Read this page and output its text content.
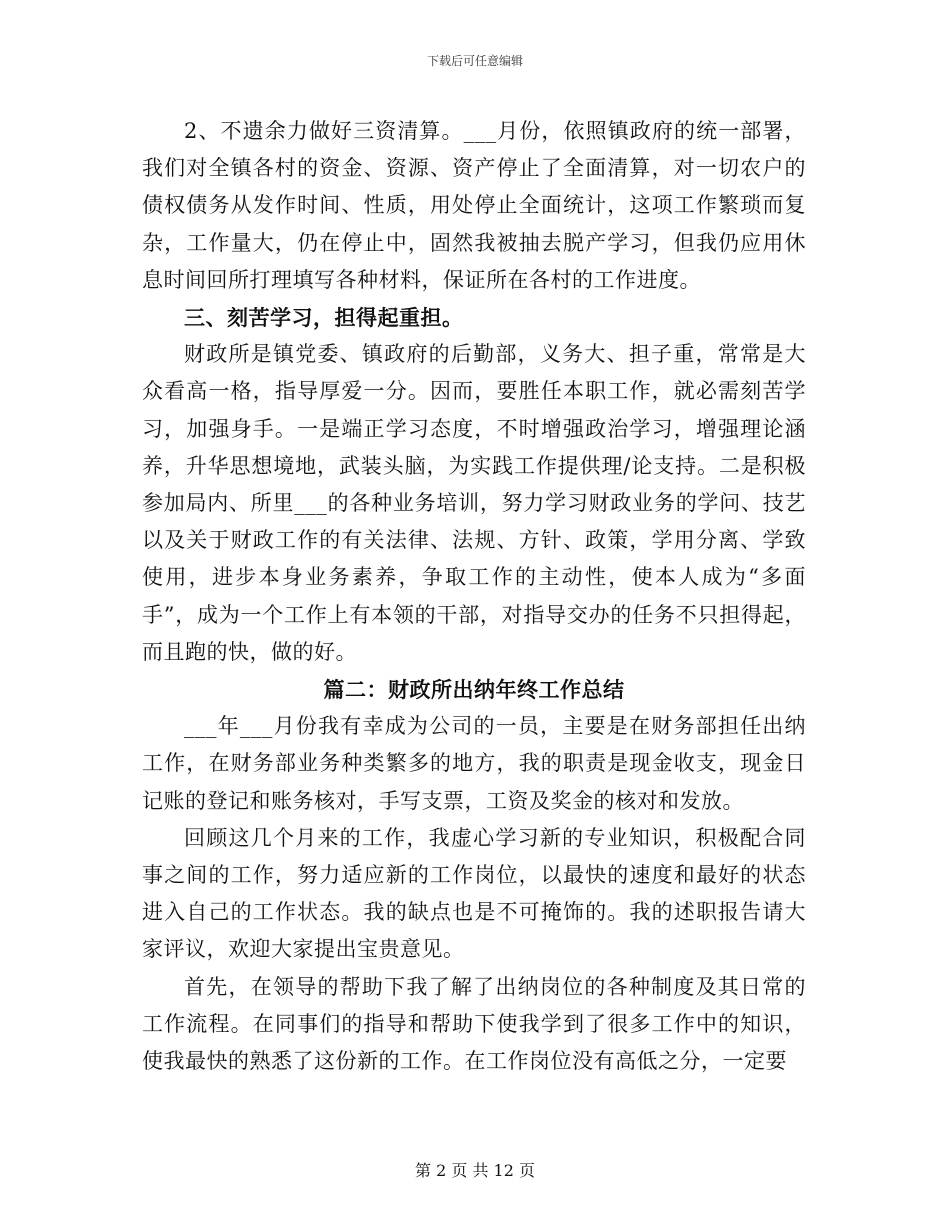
下载后可任意编辑

2、不遗余力做好三资清算。___月份，依照镇政府的统一部署，我们对全镇各村的资金、资源、资产停止了全面清算，对一切农户的债权债务从发作时间、性质，用处停止全面统计，这项工作繁琐而复杂，工作量大，仍在停止中，固然我被抽去脱产学习，但我仍应用休息时间回所打理填写各种材料，保证所在各村的工作进度。

三、刻苦学习，担得起重担。

财政所是镇党委、镇政府的后勤部，义务大、担子重，常常是大众看高一格，指导厚爱一分。因而，要胜任本职工作，就必需刻苦学习，加强身手。一是端正学习态度，不时增强政治学习，增强理论涵养，升华思想境地，武装头脑，为实践工作提供理/论支持。二是积极参加局内、所里___的各种业务培训，努力学习财政业务的学问、技艺以及关于财政工作的有关法律、法规、方针、政策，学用分离、学致使用，进步本身业务素养，争取工作的主动性，使本人成为“多面手”，成为一个工作上有本领的干部，对指导交办的任务不只担得起，而且跑的快，做的好。

篇二：财政所出纳年终工作总结

___年___月份我有幸成为公司的一员，主要是在财务部担任出纳工作，在财务部业务种类繁多的地方，我的职责是现金收支，现金日记账的登记和账务核对，手写支票，工资及奖金的核对和发放。

回顾这几个月来的工作，我虚心学习新的专业知识，积极配合同事之间的工作，努力适应新的工作岗位，以最快的速度和最好的状态进入自己的工作状态。我的缺点也是不可掩饰的。我的述职报告请大家评议，欢迎大家提出宝贵意见。

首先，在领导的帮助下我了解了出纳岗位的各种制度及其日常的工作流程。在同事们的指导和帮助下使我学到了很多工作中的知识，使我最快的熟悉了这份新的工作。在工作岗位没有高低之分，一定要

第 2 页 共 12 页
